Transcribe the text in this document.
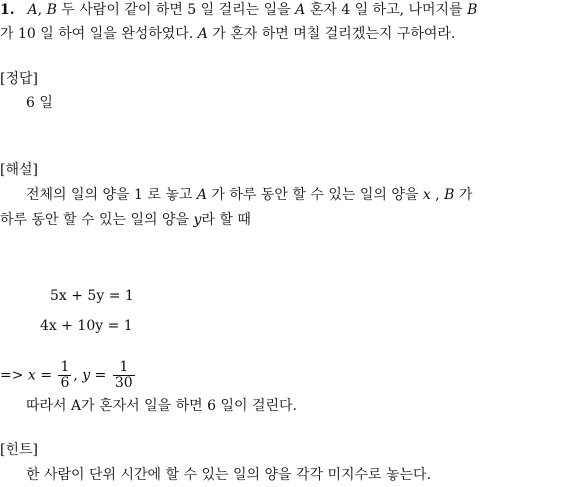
1. A, B 두 사람이 같이 하면 5 일 걸리는 일을 A 혼자 4 일 하고, 나머지를 B
가 10 일 하여 일을 완성하였다. A 가 혼자 하면 며칠 걸리겠는지 구하여라.
[정답]
6 일
[해설]
전체의 일의 양을 1 로 놓고 A 가 하루 동안 할 수 있는 일의 양을 x , B 가
하루 동안 할 수 있는 일의 양을 y라 할 때
5x + 5y = 1
4x + 10y = 1
=> $x = \frac{1}{6}$ , $y = \frac{1}{30}$
따라서 A가 혼자서 일을 하면 6 일이 걸린다.
[힌트]
한 사람이 단위 시간에 할 수 있는 일의 양을 각각 미지수로 놓는다.
